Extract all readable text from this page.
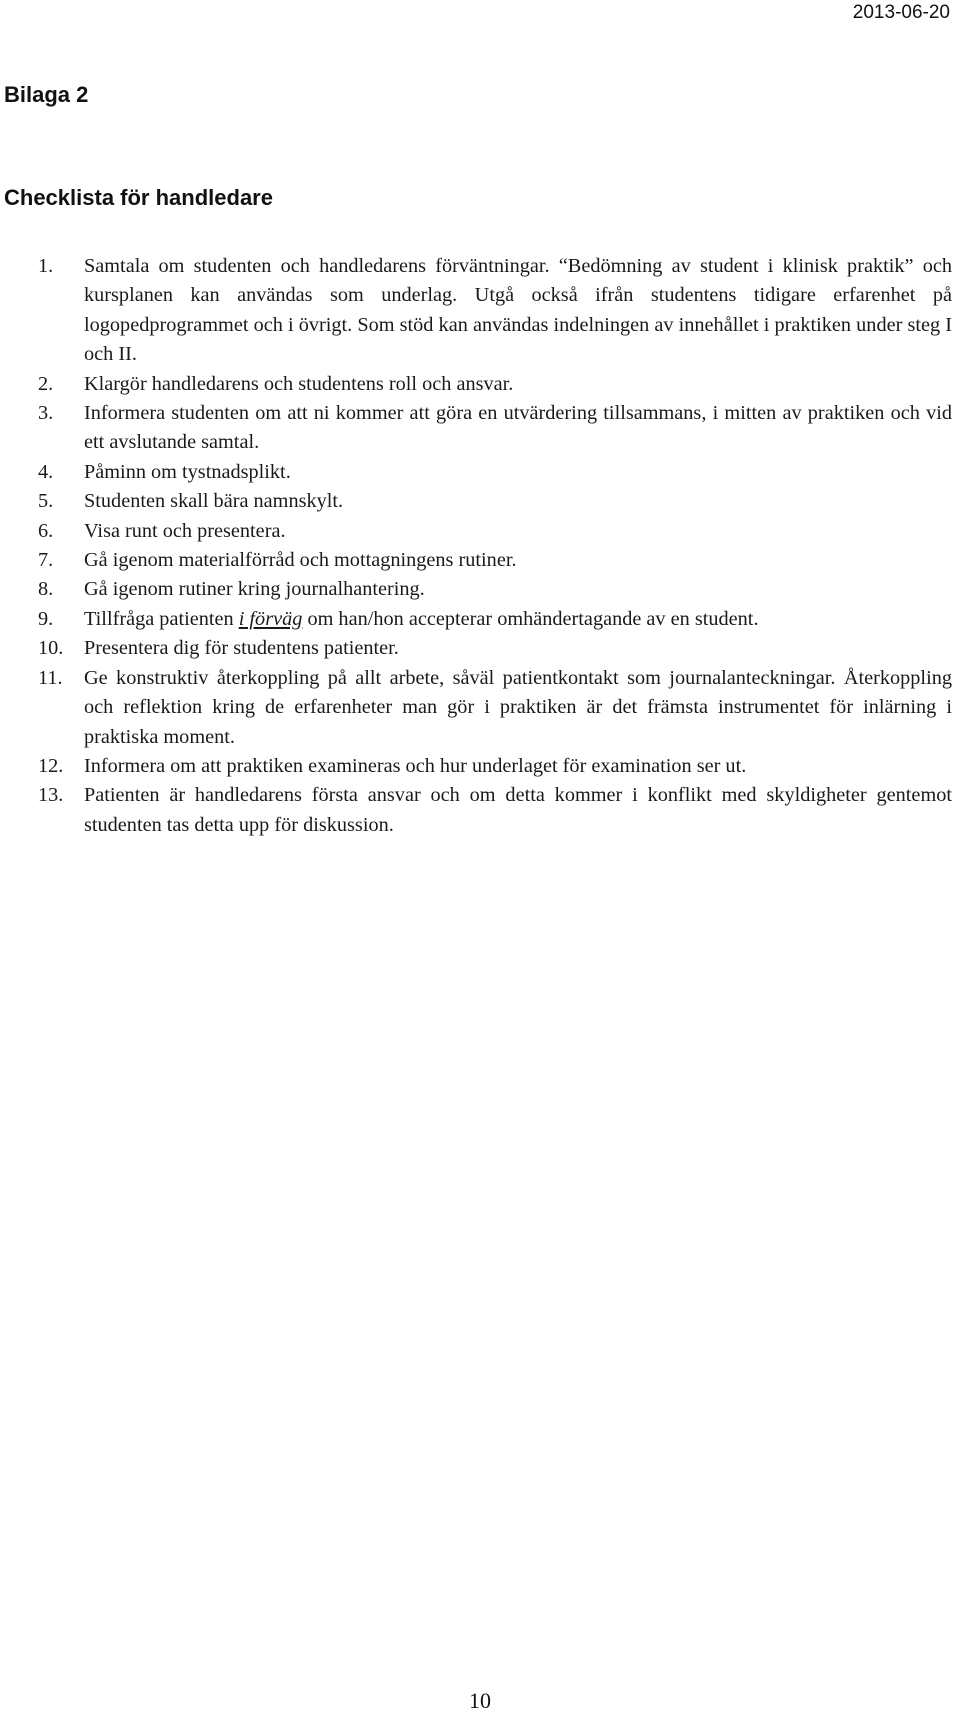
2013-06-20
Bilaga 2
Checklista för handledare
1. Samtala om studenten och handledarens förväntningar. “Bedömning av student i klinisk praktik” och kursplanen kan användas som underlag. Utgå också ifrån studentens tidigare erfarenhet på logopedprogrammet och i övrigt. Som stöd kan användas indelningen av innehållet i praktiken under steg I och II.
2. Klargör handledarens och studentens roll och ansvar.
3. Informera studenten om att ni kommer att göra en utvärdering tillsammans, i mitten av praktiken och vid ett avslutande samtal.
4. Påminn om tystnadsplikt.
5. Studenten skall bära namnskylt.
6. Visa runt och presentera.
7. Gå igenom materialförråd och mottagningens rutiner.
8. Gå igenom rutiner kring journalhantering.
9. Tillfråga patienten i förväg om han/hon accepterar omhändertagande av en student.
10. Presentera dig för studentens patienter.
11. Ge konstruktiv återkoppling på allt arbete, såväl patientkontakt som journalanteckningar. Återkoppling och reflektion kring de erfarenheter man gör i praktiken är det främsta instrumentet för inlärning i praktiska moment.
12. Informera om att praktiken examineras och hur underlaget för examination ser ut.
13. Patienten är handledarens första ansvar och om detta kommer i konflikt med skyldigheter gentemot studenten tas detta upp för diskussion.
10
